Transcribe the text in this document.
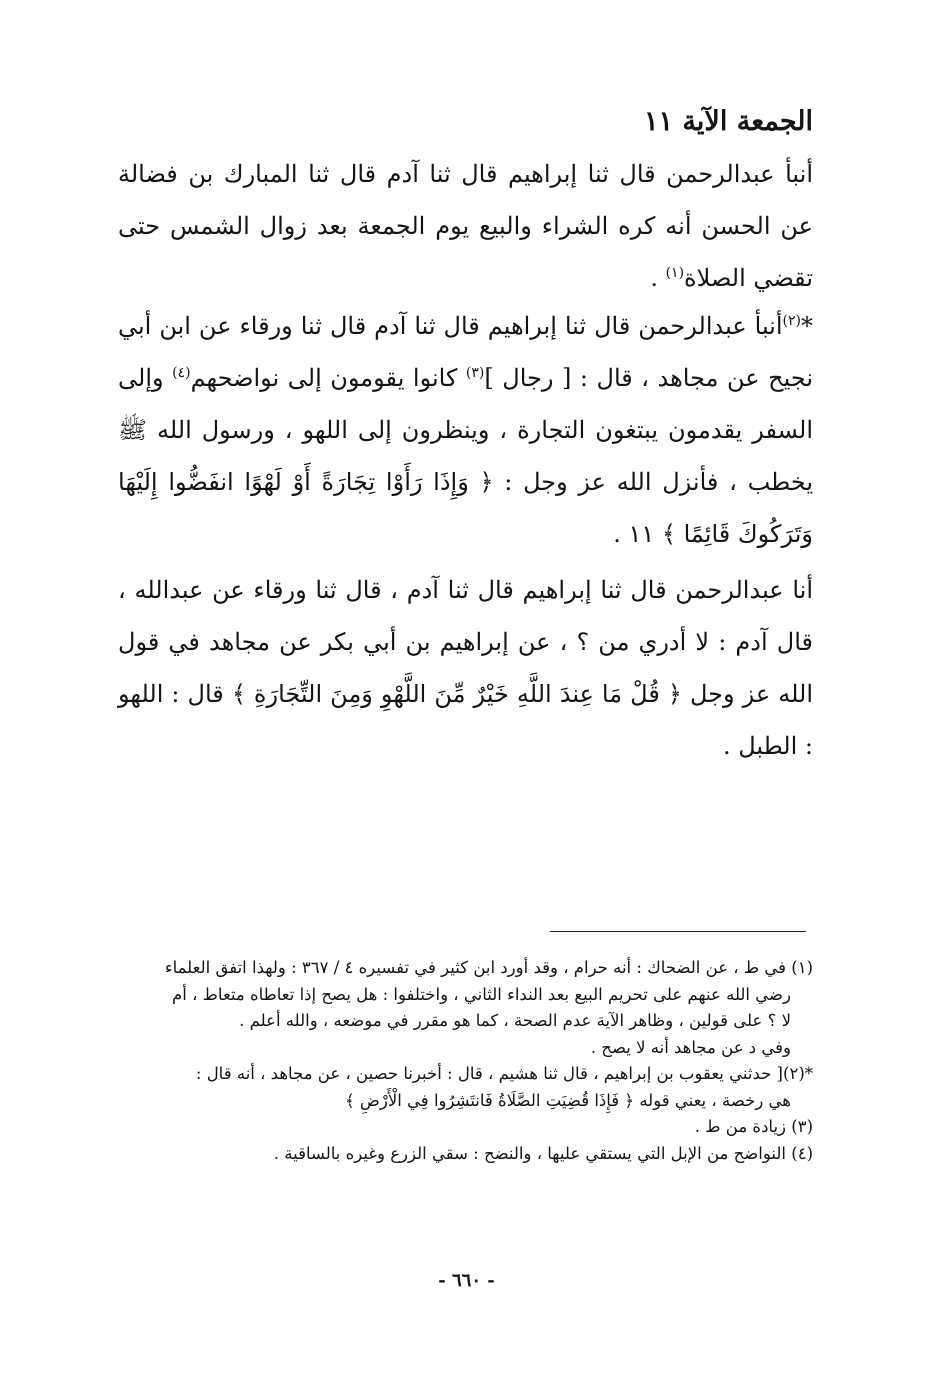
الجمعة الآية ١١
أنبأ عبدالرحمن قال ثنا إبراهيم قال ثنا آدم قال ثنا المبارك بن فضالة عن الحسن أنه كره الشراء والبيع يوم الجمعة بعد زوال الشمس حتى تقضي الصلاة$^{(١)}$ .
*$^{(٢)}$أنبأ عبدالرحمن قال ثنا إبراهيم قال ثنا آدم قال ثنا ورقاء عن ابن أبي نجيح عن مجاهد ، قال : [ رجال ]$^{(٣)}$ كانوا يقومون إلى نواضحهم$^{(٤)}$ وإلى السفر يقدمون يبتغون التجارة ، وينظرون إلى اللهو ، ورسول الله ﷺ يخطب ، فأنزل الله عز وجل : ﴿ وَإِذَا رَأَوْا تِجَارَةً أَوْ لَهْوًا انفَضُّوا إِلَيْهَا وَتَرَكُوكَ قَائِمًا ﴾ ١١ .
أنا عبدالرحمن قال ثنا إبراهيم قال ثنا آدم ، قال ثنا ورقاء عن عبدالله ، قال آدم : لا أدري من ؟ ، عن إبراهيم بن أبي بكر عن مجاهد في قول الله عز وجل ﴿ قُلْ مَا عِندَ اللَّهِ خَيْرٌ مِّنَ اللَّهْوِ وَمِنَ التِّجَارَةِ ﴾ قال : اللهو : الطبل .

(١) في ط ، عن الضحاك : أنه حرام ، وقد أورد ابن كثير في تفسيره ٤ / ٣٦٧ : ولهذا اتفق العلماء

رضي الله عنهم على تحريم البيع بعد النداء الثاني ، واختلفوا : هل يصح إذا تعاطاه متعاط ، أم

لا ؟ على قولين ، وظاهر الآية عدم الصحة ، كما هو مقرر في موضعه ، والله أعلم .

وفي د عن مجاهد أنه لا يصح .

*(٢)[ حدثني يعقوب بن إبراهيم ، قال ثنا هشيم ، قال : أخبرنا حصين ، عن مجاهد ، أنه قال :

هي رخصة ، يعني قوله ﴿ فَإِذَا قُضِيَتِ الصَّلَاةُ فَانتَشِرُوا فِي الْأَرْضِ ﴾

(٣) زيادة من ط .

(٤) النواضح من الإبل التي يستقي عليها ، والنضح : سقي الزرع وغيره بالساقية .

- ٦٦٠ -
